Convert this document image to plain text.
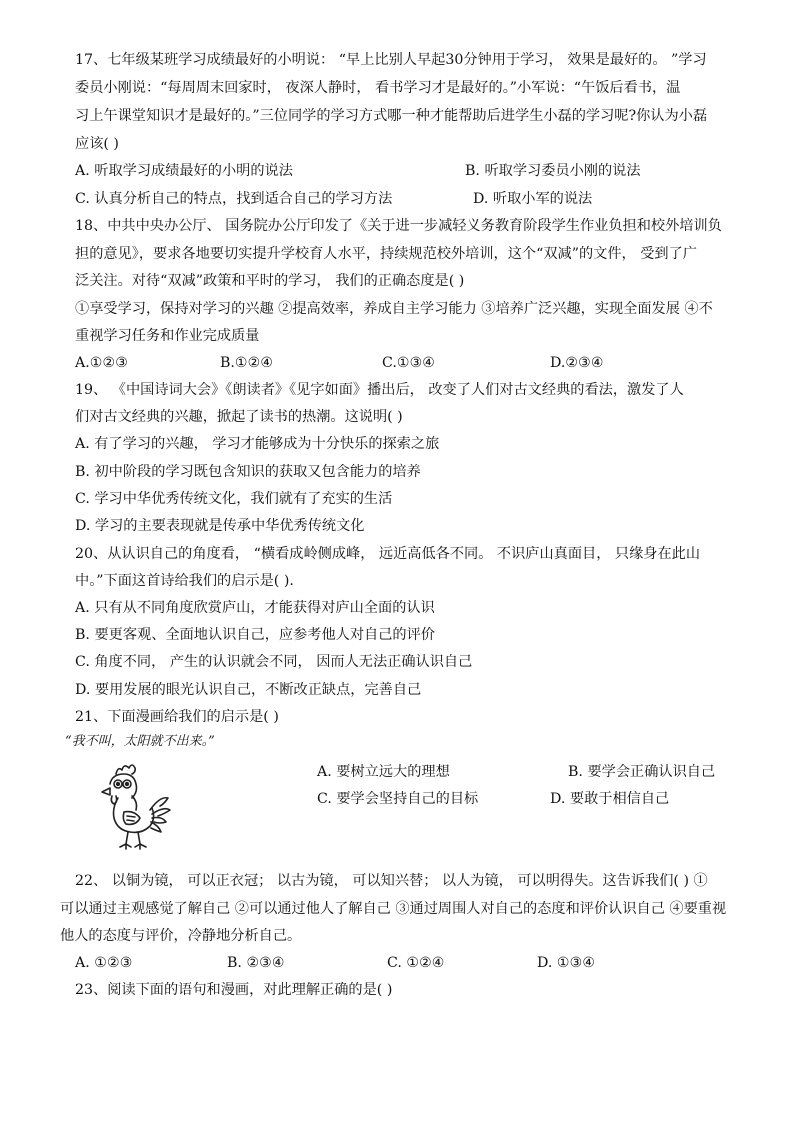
17、七年级某班学习成绩最好的小明说： “早上比别人早起30分钟用于学习， 效果是最好的。 ”学习
委员小刚说：“每周周末回家时， 夜深人静时， 看书学习才是最好的。”小军说：“午饭后看书，温
习上午课堂知识才是最好的。”三位同学的学习方式哪一种才能帮助后进学生小磊的学习呢?你认为小磊
应该( )
A. 听取学习成绩最好的小明的说法	B. 听取学习委员小刚的说法
C. 认真分析自己的特点，找到适合自己的学习方法	D. 听取小军的说法
18、中共中央办公厅、 国务院办公厅印发了《关于进一步减轻义务教育阶段学生作业负担和校外培训负
担的意见》，要求各地要切实提升学校育人水平，持续规范校外培训，这个“双减”的文件， 受到了广
泛关注。对待“双减”政策和平时的学习， 我们的正确态度是( )
①享受学习，保持对学习的兴趣 ②提高效率，养成自主学习能力 ③培养广泛兴趣，实现全面发展 ④不
重视学习任务和作业完成质量
A.①②③	B.①②④	C.①③④	D.②③④
19、 《中国诗词大会》《朗读者》《见字如面》播出后， 改变了人们对古文经典的看法，激发了人
们对古文经典的兴趣，掀起了读书的热潮。这说明( )
A. 有了学习的兴趣， 学习才能够成为十分快乐的探索之旅
B. 初中阶段的学习既包含知识的获取又包含能力的培养
C. 学习中华优秀传统文化，我们就有了充实的生活
D. 学习的主要表现就是传承中华优秀传统文化
20、从认识自己的角度看， “横看成岭侧成峰， 远近高低各不同。 不识庐山真面目， 只缘身在此山
中。”下面这首诗给我们的启示是( ).
A. 只有从不同角度欣赏庐山，才能获得对庐山全面的认识
B. 要更客观、全面地认识自己，应参考他人对自己的评价
C. 角度不同， 产生的认识就会不同， 因而人无法正确认识自己
D. 要用发展的眼光认识自己，不断改正缺点，完善自己
21、下面漫画给我们的启示是( )
“我不叫，太阳就不出来。”
A. 要树立远大的理想	B. 要学会正确认识自己
C. 要学会坚持自己的目标	D. 要敢于相信自己
22、 以铜为镜， 可以正衣冠； 以古为镜， 可以知兴替； 以人为镜， 可以明得失。这告诉我们( ) ①
可以通过主观感觉了解自己 ②可以通过他人了解自己 ③通过周围人对自己的态度和评价认识自己 ④要重视
他人的态度与评价，冷静地分析自己。
A. ①②③	B. ②③④	C. ①②④	D. ①③④
23、阅读下面的语句和漫画，对此理解正确的是( )
